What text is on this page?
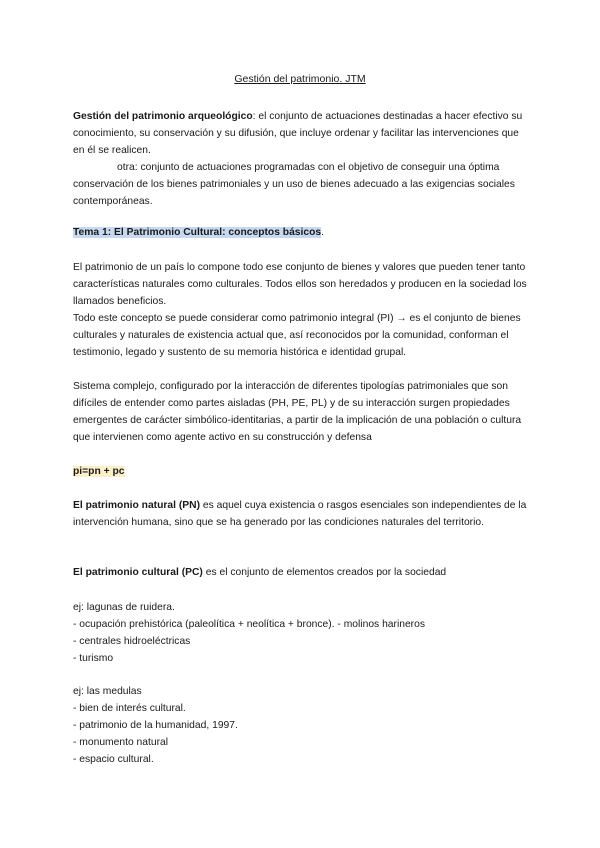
Gestión del patrimonio. JTM
Gestión del patrimonio arqueológico: el conjunto de actuaciones destinadas a hacer efectivo su conocimiento, su conservación y su difusión, que incluye ordenar y facilitar las intervenciones que en él se realicen.
otra: conjunto de actuaciones programadas con el objetivo de conseguir una óptima conservación de los bienes patrimoniales y un uso de bienes adecuado a las exigencias sociales contemporáneas.
Tema 1: El Patrimonio Cultural: conceptos básicos.
El patrimonio de un país lo compone todo ese conjunto de bienes y valores que pueden tener tanto características naturales como culturales. Todos ellos son heredados y producen en la sociedad los llamados beneficios.
Todo este concepto se puede considerar como patrimonio integral (PI) → es el conjunto de bienes culturales y naturales de existencia actual que, así reconocidos por la comunidad, conforman el testimonio, legado y sustento de su memoria histórica e identidad grupal.
Sistema complejo, configurado por la interacción de diferentes tipologías patrimoniales que son difíciles de entender como partes aisladas (PH, PE, PL) y de su interacción surgen propiedades emergentes de carácter simbólico-identitarias, a partir de la implicación de una población o cultura que intervienen como agente activo en su construcción y defensa
pi=pn + pc
El patrimonio natural (PN) es aquel cuya existencia o rasgos esenciales son independientes de la intervención humana, sino que se ha generado por las condiciones naturales del territorio.
El patrimonio cultural (PC) es el conjunto de elementos creados por la sociedad
ej: lagunas de ruidera.
- ocupación prehistórica (paleolítica + neolítica + bronce). - molinos harineros
- centrales hidroeléctricas
- turismo
ej: las medulas
- bien de interés cultural.
- patrimonio de la humanidad, 1997.
- monumento natural
- espacio cultural.
